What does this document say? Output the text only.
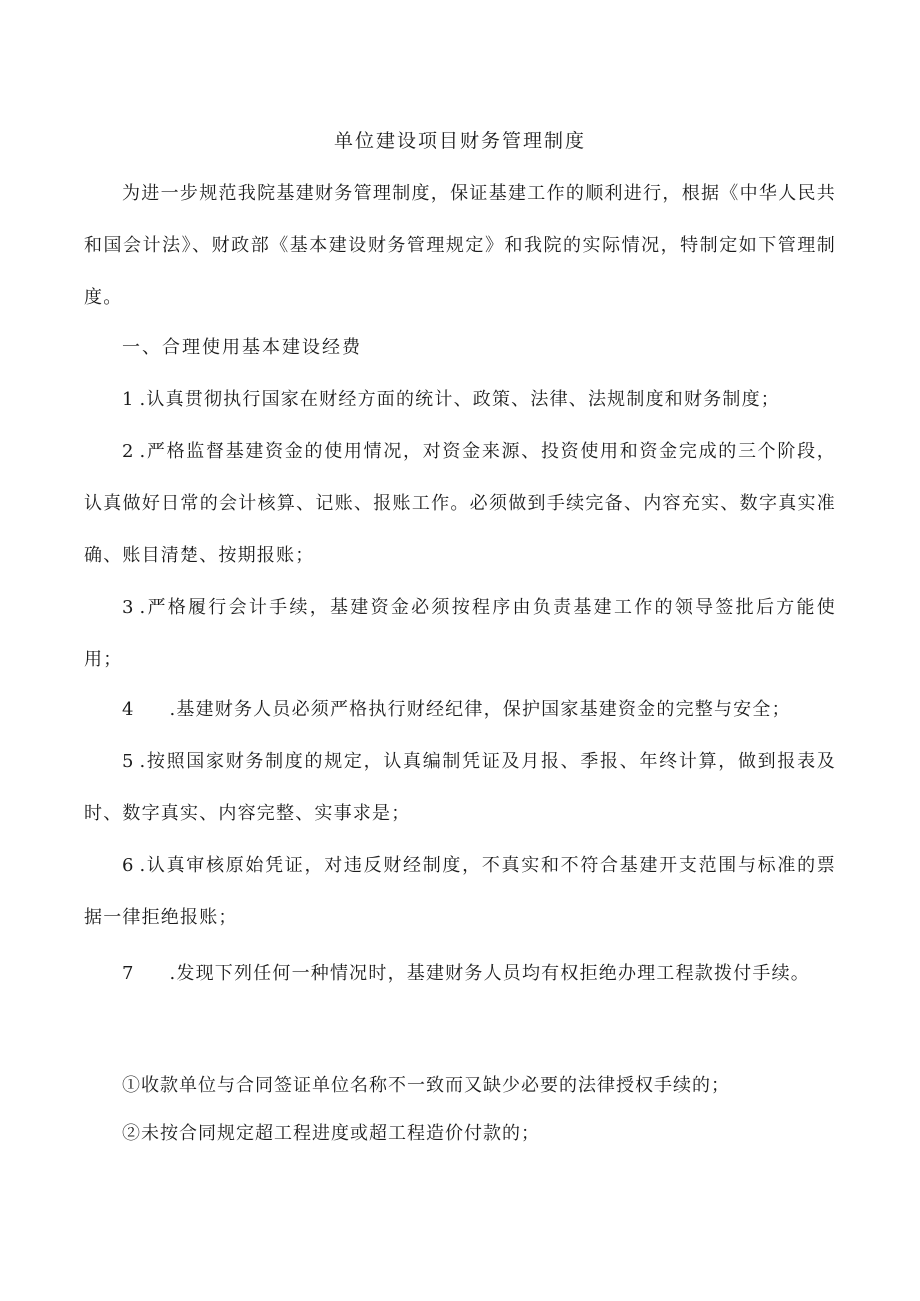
单位建设项目财务管理制度

为进一步规范我院基建财务管理制度，保证基建工作的顺利进行，根据《中华人民共和国会计法》、财政部《基本建设财务管理规定》和我院的实际情况，特制定如下管理制度。

一、合理使用基本建设经费

1 .认真贯彻执行国家在财经方面的统计、政策、法律、法规制度和财务制度；

2 .严格监督基建资金的使用情况，对资金来源、投资使用和资金完成的三个阶段，认真做好日常的会计核算、记账、报账工作。必须做到手续完备、内容充实、数字真实准确、账目清楚、按期报账；

3 .严格履行会计手续，基建资金必须按程序由负责基建工作的领导签批后方能使用；

4 .基建财务人员必须严格执行财经纪律，保护国家基建资金的完整与安全；

5 .按照国家财务制度的规定，认真编制凭证及月报、季报、年终计算，做到报表及时、数字真实、内容完整、实事求是；

6 .认真审核原始凭证，对违反财经制度，不真实和不符合基建开支范围与标准的票据一律拒绝报账；

7 .发现下列任何一种情况时，基建财务人员均有权拒绝办理工程款拨付手续。

①收款单位与合同签证单位名称不一致而又缺少必要的法律授权手续的；
②未按合同规定超工程进度或超工程造价付款的；
